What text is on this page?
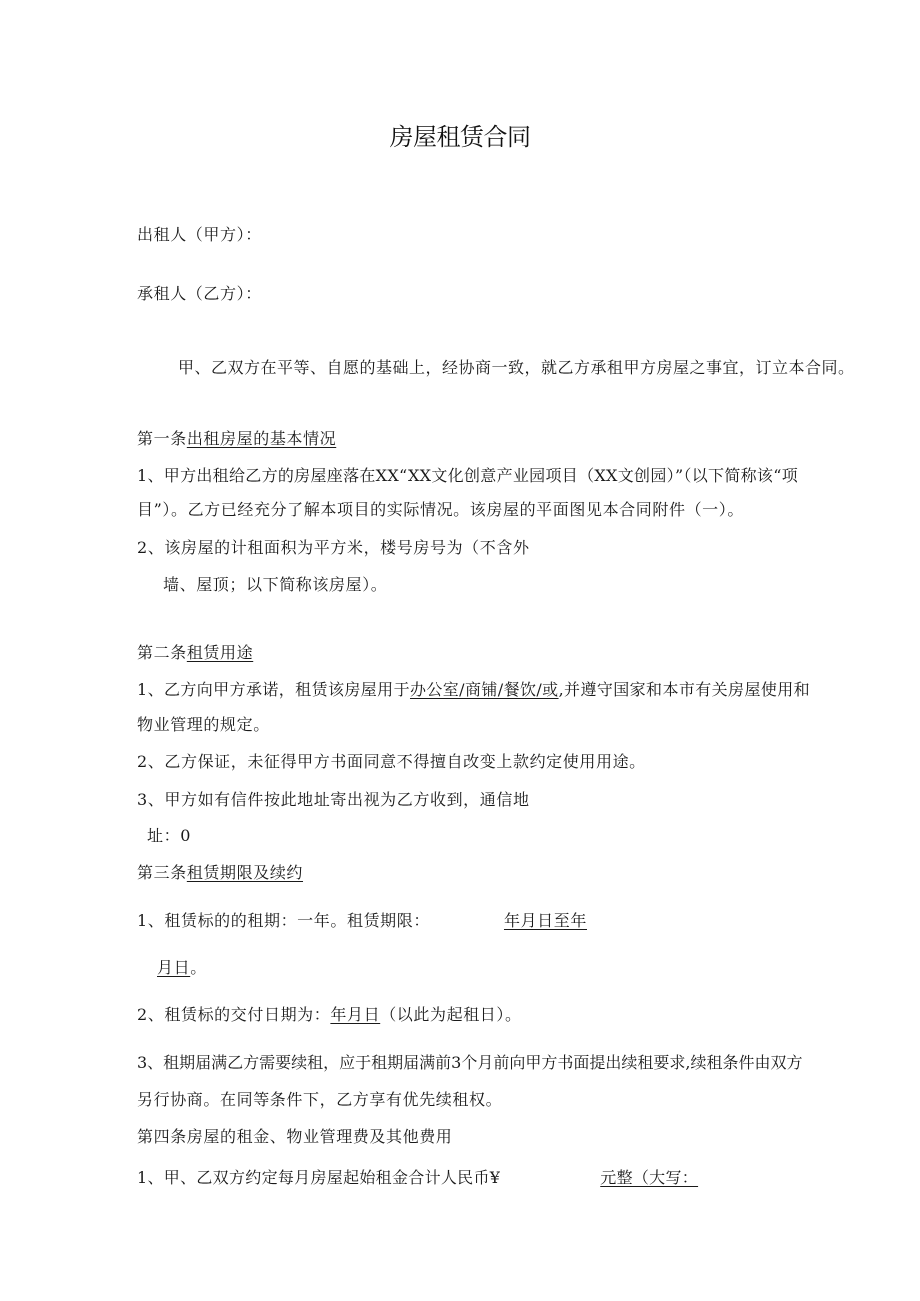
房屋租赁合同
出租人（甲方）：
承租人（乙方）：
甲、乙双方在平等、自愿的基础上，经协商一致，就乙方承租甲方房屋之事宜，订立本合同。
第一条出租房屋的基本情况
1、甲方出租给乙方的房屋座落在XX“XX文化创意产业园项目（XX文创园）”（以下简称该“项
目”）。乙方已经充分了解本项目的实际情况。该房屋的平面图见本合同附件（一）。
2、该房屋的计租面积为平方米，楼号房号为（不含外
墙、屋顶；以下简称该房屋）。
第二条租赁用途
1、乙方向甲方承诺，租赁该房屋用于办公室/商铺/餐饮/或,并遵守国家和本市有关房屋使用和
物业管理的规定。
2、乙方保证，未征得甲方书面同意不得擅自改变上款约定使用用途。
3、甲方如有信件按此地址寄出视为乙方收到，通信地
址：0
第三条租赁期限及续约
1、租赁标的的租期：一年。租赁期限：	年月日至年
月日。
2、租赁标的交付日期为：年月日（以此为起租日）。
3、租期届满乙方需要续租，应于租期届满前3个月前向甲方书面提出续租要求,续租条件由双方
另行协商。在同等条件下，乙方享有优先续租权。
第四条房屋的租金、物业管理费及其他费用
1、甲、乙双方约定每月房屋起始租金合计人民币¥	元整（大写：
